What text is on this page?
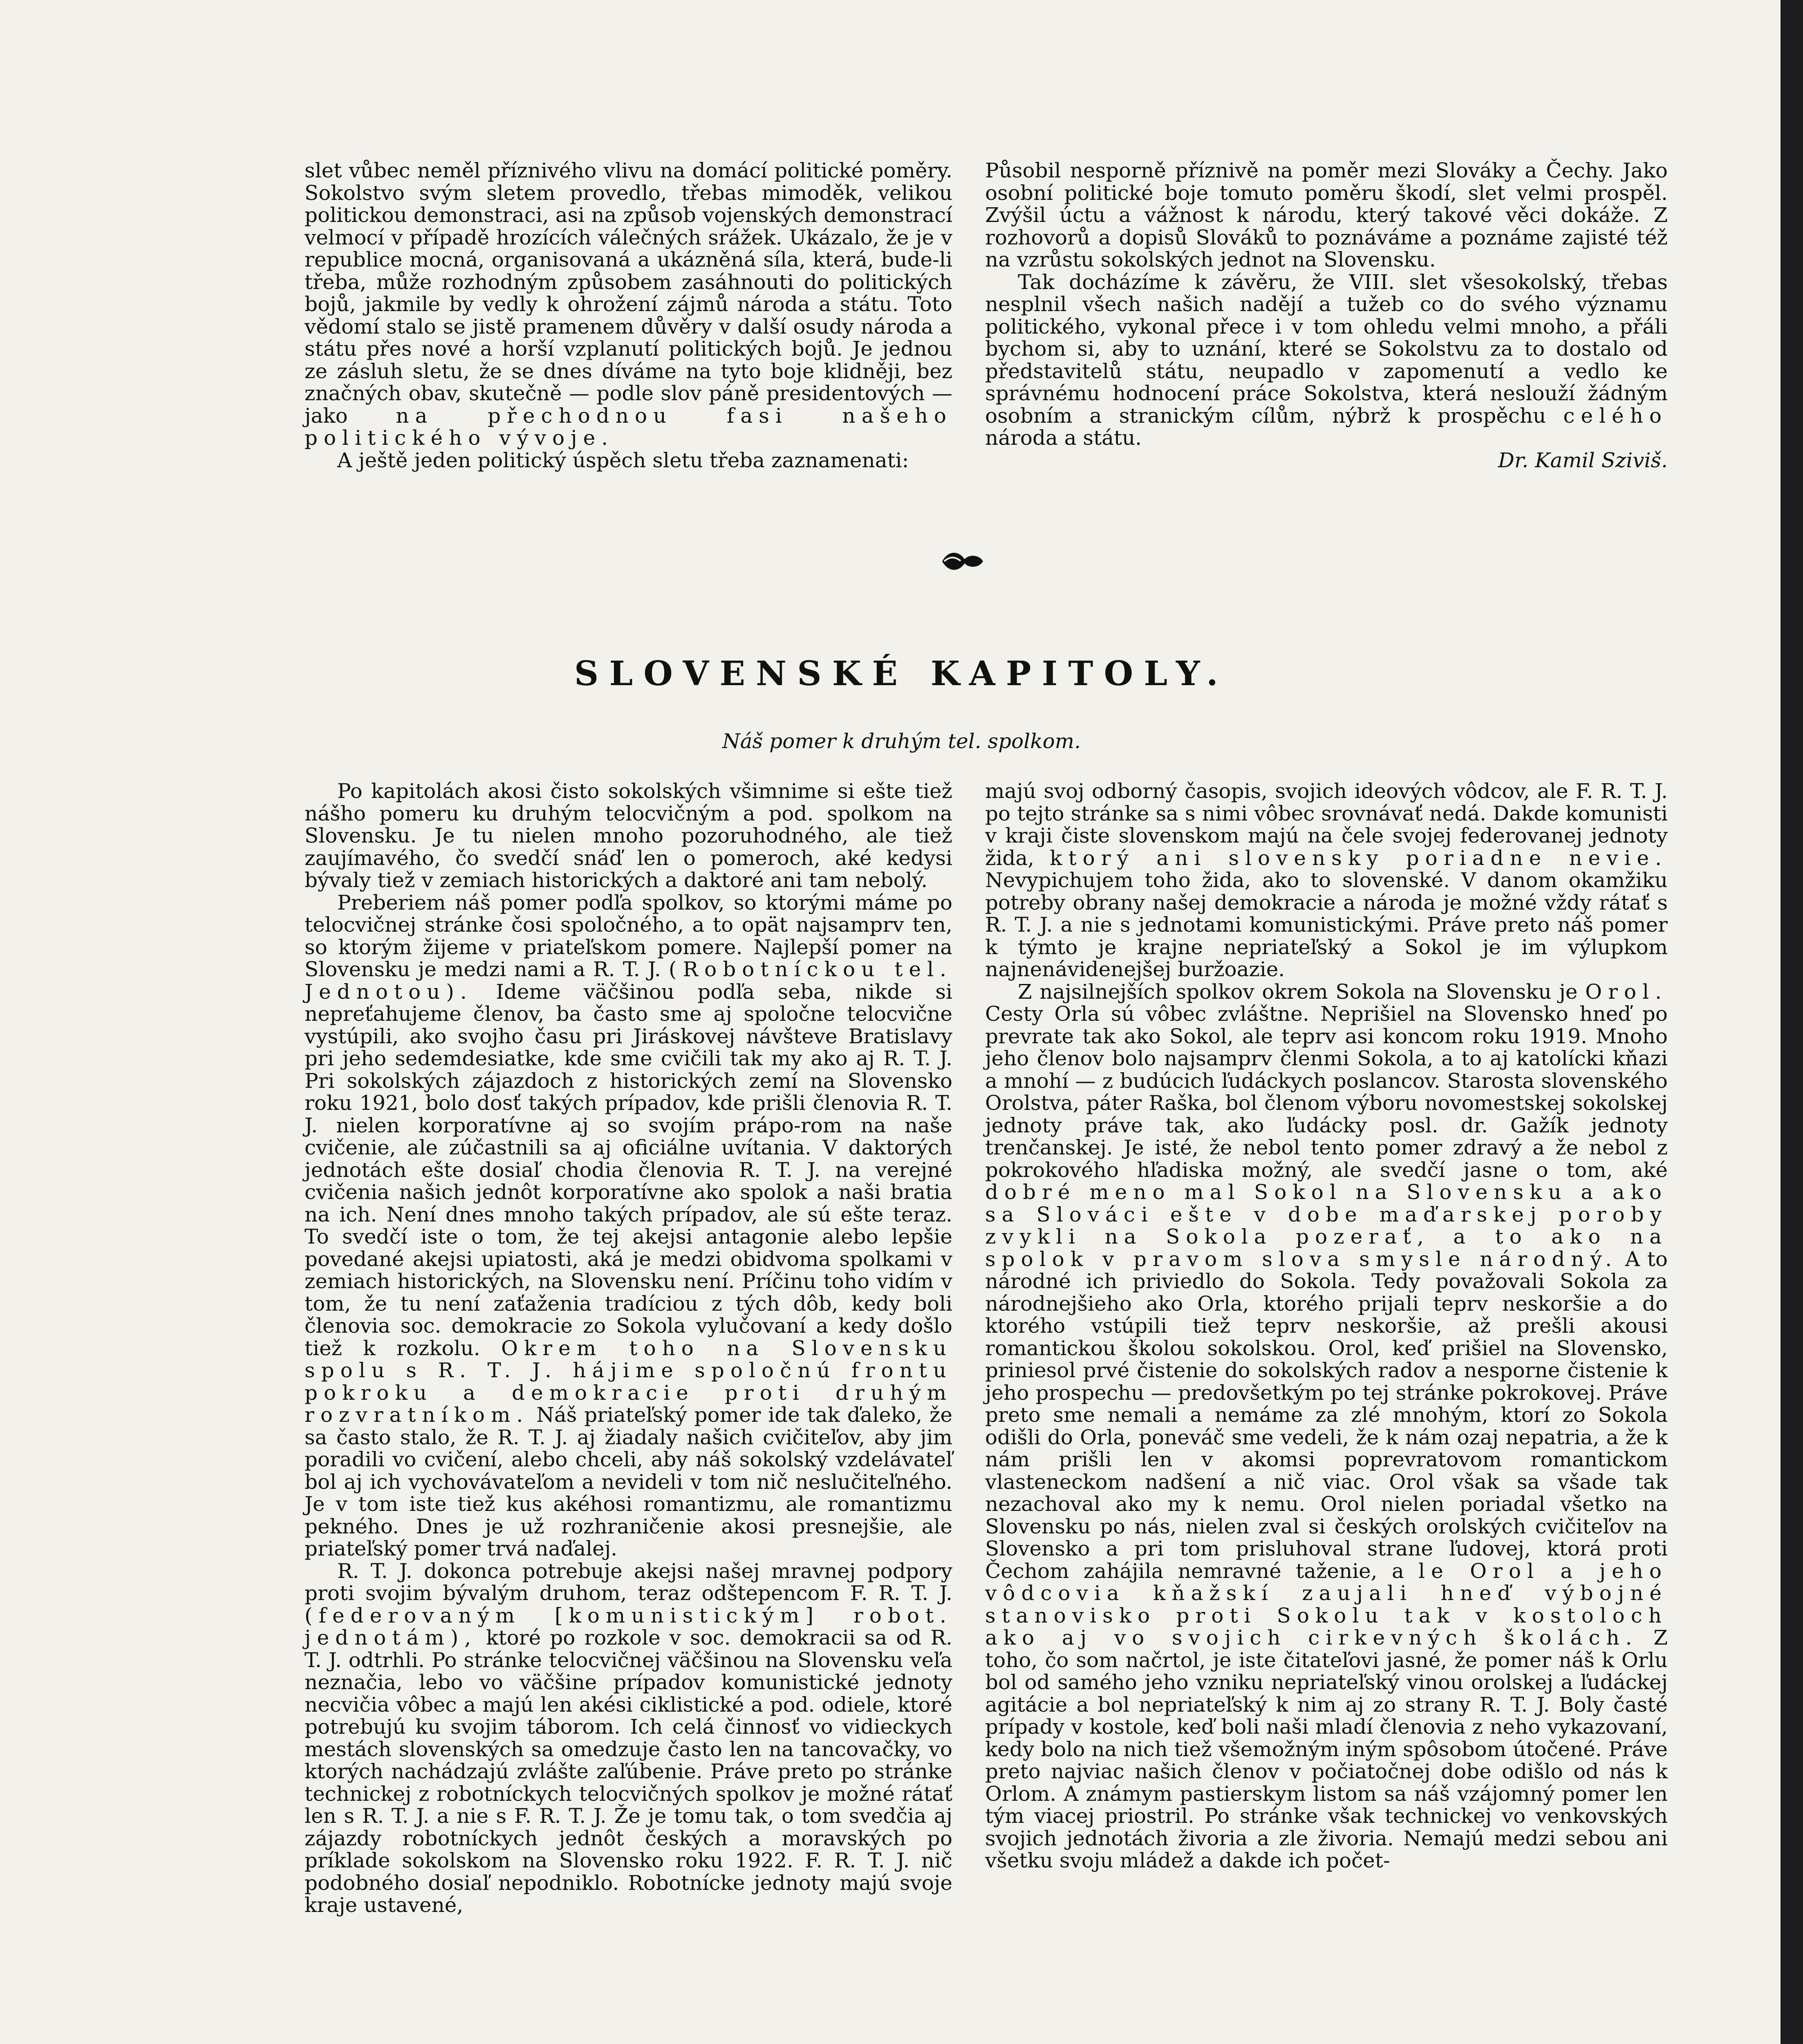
slet vůbec neměl příznivého vlivu na domácí politické poměry. Sokolstvo svým sletem provedlo, třebas mimoděk, velikou politickou demonstraci, asi na způsob vojenských demonstrací velmocí v případě hrozících válečných srážek. Ukázalo, že je v republice mocná, organisovaná a ukázněná síla, která, bude-li třeba, může rozhodným způsobem zasáhnouti do politických bojů, jakmile by vedly k ohrožení zájmů národa a státu. Toto vědomí stalo se jistě pramenem důvěry v další osudy národa a státu přes nové a horší vzplanutí politických bojů. Je jednou ze zásluh sletu, že se dnes díváme na tyto boje klidněji, bez značných obav, skutečně — podle slov páně presidentových — jako na přechodnou fasi našeho politického vývoje.

A ještě jeden politický úspěch sletu třeba zaznamenati:

Působil nesporně příznivě na poměr mezi Slováky a Čechy. Jako osobní politické boje tomuto poměru škodí, slet velmi prospěl. Zvýšil úctu a vážnost k národu, který takové věci dokáže. Z rozhovorů a dopisů Slováků to poznáváme a poznáme zajisté též na vzrůstu sokolských jednot na Slovensku.

Tak docházíme k závěru, že VIII. slet všesokolský, třebas nesplnil všech našich nadějí a tužeb co do svého významu politického, vykonal přece i v tom ohledu velmi mnoho, a přáli bychom si, aby to uznání, které se Sokolstvu za to dostalo od představitelů státu, neupadlo v zapomenutí a vedlo ke správnému hodnocení práce Sokolstva, která neslouží žádným osobním a stranickým cílům, nýbrž k prospěchu celého národa a státu.

Dr. Kamil Sziviš.

SLOVENSKÉ KAPITOLY.
Náš pomer k druhým tel. spolkom.

Po kapitolách akosi čisto sokolských všimnime si ešte tiež nášho pomeru ku druhým telocvičným a pod. spolkom na Slovensku. Je tu nielen mnoho pozoruhodného, ale tiež zaujímavého, čo svedčí snáď len o pomeroch, aké kedysi bývaly tiež v zemiach historických a daktoré ani tam nebolý.

Preberiem náš pomer podľa spolkov, so ktorými máme po telocvičnej stránke čosi spoločného, a to opät najsamprv ten, so ktorým žijeme v priateľskom pomere. Najlepší pomer na Slovensku je medzi nami a R. T. J. (Robotníckou tel. Jednotou). Ideme väčšinou podľa seba, nikde si nepreťahujeme členov, ba často sme aj spoločne telocvične vystúpili, ako svojho času pri Jiráskovej návšteve Bratislavy pri jeho sedemdesiatke, kde sme cvičili tak my ako aj R. T. J. Pri sokolských zájazdoch z historických zemí na Slovensko roku 1921, bolo dosť takých prípadov, kde prišli členovia R. T. J. nielen korporatívne aj so svojím prápo-rom na naše cvičenie, ale zúčastnili sa aj oficiálne uvítania. V daktorých jednotách ešte dosiaľ chodia členovia R. T. J. na verejné cvičenia našich jednôt korporatívne ako spolok a naši bratia na ich. Není dnes mnoho takých prípadov, ale sú ešte teraz. To svedčí iste o tom, že tej akejsi antagonie alebo lepšie povedané akejsi upiatosti, aká je medzi obidvoma spolkami v zemiach historických, na Slovensku není. Príčinu toho vidím v tom, že tu není zaťaženia tradíciou z tých dôb, kedy boli členovia soc. demokracie zo Sokola vylučovaní a kedy došlo tiež k rozkolu. Okrem toho na Slovensku spolu s R. T. J. hájime spoločnú frontu pokroku a demokracie proti druhým rozvratníkom. Náš priateľský pomer ide tak ďaleko, že sa často stalo, že R. T. J. aj žiadaly našich cvičiteľov, aby jim poradili vo cvičení, alebo chceli, aby náš sokolský vzdelávateľ bol aj ich vychovávateľom a nevideli v tom nič neslučiteľného. Je v tom iste tiež kus akéhosi romantizmu, ale romantizmu pekného. Dnes je už rozhraničenie akosi presnejšie, ale priateľský pomer trvá naďalej.

R. T. J. dokonca potrebuje akejsi našej mravnej podpory proti svojim bývalým druhom, teraz odštepencom F. R. T. J. (federovaným [komunistickým] robot. jednotám), ktoré po rozkole v soc. demokracii sa od R. T. J. odtrhli. Po stránke telocvičnej väčšinou na Slovensku veľa neznačia, lebo vo väčšine prípadov komunistické jednoty necvičia vôbec a majú len akési ciklistické a pod. odiele, ktoré potrebujú ku svojim táborom. Ich celá činnosť vo vidieckych mestách slovenských sa omedzuje často len na tancovačky, vo ktorých nachádzajú zvlášte zaľúbenie. Práve preto po stránke technickej z robotníckych telocvičných spolkov je možné rátať len s R. T. J. a nie s F. R. T. J. Že je tomu tak, o tom svedčia aj zájazdy robotníckych jednôt českých a moravských po príklade sokolskom na Slovensko roku 1922. F. R. T. J. nič podobného dosiaľ nepodniklo. Robotnícke jednoty majú svoje kraje ustavené,

majú svoj odborný časopis, svojich ideových vôdcov, ale F. R. T. J. po tejto stránke sa s nimi vôbec srovnávať nedá. Dakde komunisti v kraji čiste slovenskom majú na čele svojej federovanej jednoty žida, ktorý ani slovensky poriadne nevie. Nevypichujem toho žida, ako to slovenské. V danom okamžiku potreby obrany našej demokracie a národa je možné vždy rátať s R. T. J. a nie s jednotami komunistickými. Práve preto náš pomer k týmto je krajne nepriateľský a Sokol je im výlupkom najnenávidenejšej buržoazie.

Z najsilnejších spolkov okrem Sokola na Slovensku je Orol. Cesty Orla sú vôbec zvláštne. Neprišiel na Slovensko hneď po prevrate tak ako Sokol, ale teprv asi koncom roku 1919. Mnoho jeho členov bolo najsamprv členmi Sokola, a to aj katolícki kňazi a mnohí — z budúcich ľudáckych poslancov. Starosta slovenského Orolstva, páter Raška, bol členom výboru novomestskej sokolskej jednoty práve tak, ako ľudácky posl. dr. Gažík jednoty trenčanskej. Je isté, že nebol tento pomer zdravý a že nebol z pokrokového hľadiska možný, ale svedčí jasne o tom, aké dobré meno mal Sokol na Slovensku a ako sa Slováci ešte v dobe maďarskej poroby zvykli na Sokola pozerať, a to ako na spolok v pravom slova smysle národný. A to národné ich priviedlo do Sokola. Tedy považovali Sokola za národnejšieho ako Orla, ktorého prijali teprv neskoršie a do ktorého vstúpili tiež teprv neskoršie, až prešli akousi romantickou školou sokolskou. Orol, keď prišiel na Slovensko, priniesol prvé čistenie do sokolských radov a nesporne čistenie k jeho prospechu — predovšetkým po tej stránke pokrokovej. Práve preto sme nemali a nemáme za zlé mnohým, ktorí zo Sokola odišli do Orla, poneváč sme vedeli, že k nám ozaj nepatria, a že k nám prišli len v akomsi poprevratovom romantickom vlasteneckom nadšení a nič viac. Orol však sa všade tak nezachoval ako my k nemu. Orol nielen poriadal všetko na Slovensku po nás, nielen zval si českých orolských cvičiteľov na Slovensko a pri tom prisluhoval strane ľudovej, ktorá proti Čechom zahájila nemravné taženie, a le Orol a jeho vôdcovia kňažskí zaujali hneď výbojné stanovisko proti Sokolu tak v kostoloch ako aj vo svojich cirkevných školách. Z toho, čo som načrtol, je iste čitateľovi jasné, že pomer náš k Orlu bol od samého jeho vzniku nepriateľský vinou orolskej a ľudáckej agitácie a bol nepriateľský k nim aj zo strany R. T. J. Boly časté prípady v kostole, keď boli naši mladí členovia z neho vykazovaní, kedy bolo na nich tiež všemožným iným spôsobom útočené. Práve preto najviac našich členov v počiatočnej dobe odišlo od nás k Orlom. A známym pastierskym listom sa náš vzájomný pomer len tým viacej priostril. Po stránke však technickej vo venkovských svojich jednotách živoria a zle živoria. Nemajú medzi sebou ani všetku svoju mládež a dakde ich počet-
